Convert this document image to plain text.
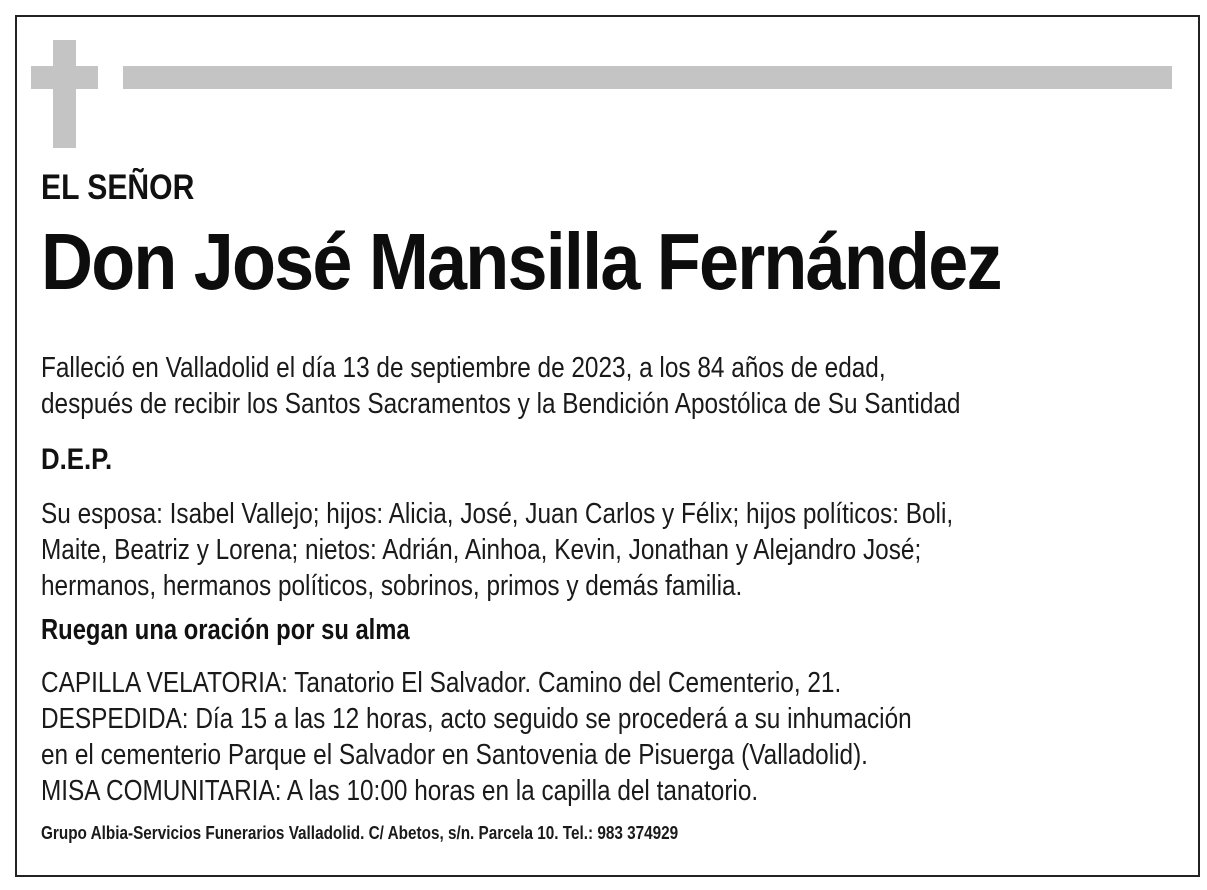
EL SEÑOR
Don José Mansilla Fernández
Falleció en Valladolid el día 13 de septiembre de 2023, a los 84 años de edad,
después de recibir los Santos Sacramentos y la Bendición Apostólica de Su Santidad
D.E.P.
Su esposa: Isabel Vallejo; hijos: Alicia, José, Juan Carlos y Félix; hijos políticos: Boli,
Maite, Beatriz y Lorena; nietos: Adrián, Ainhoa, Kevin, Jonathan y Alejandro José;
hermanos, hermanos políticos, sobrinos, primos y demás familia.
Ruegan una oración por su alma
CAPILLA VELATORIA: Tanatorio El Salvador. Camino del Cementerio, 21.
DESPEDIDA: Día 15 a las 12 horas, acto seguido se procederá a su inhumación
en el cementerio Parque el Salvador en Santovenia de Pisuerga (Valladolid).
MISA COMUNITARIA: A las 10:00 horas en la capilla del tanatorio.
Grupo Albia-Servicios Funerarios Valladolid. C/ Abetos, s/n. Parcela 10. Tel.: 983 374929
